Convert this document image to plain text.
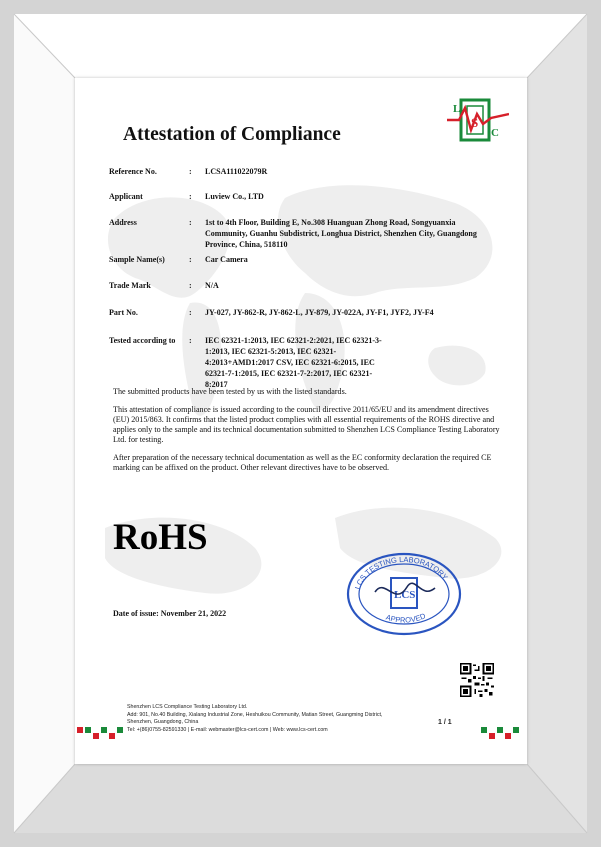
L
C
S
Attestation of Compliance
Reference No.	: LCSA111022079R
Applicant	: Luview Co., LTD
Address	: 1st to 4th Floor, Building E, No.308 Huanguan Zhong Road, Songyuanxia Community, Guanhu Subdistrict, Longhua District, Shenzhen City, Guangdong Province, China, 518110
Sample Name(s)	: Car Camera
Trade Mark	: N/A
Part No.	: JY-027, JY-862-R, JY-862-L, JY-879, JY-022A, JY-F1, JYF2, JY-F4
Tested according to	: IEC 62321-1:2013, IEC 62321-2:2021, IEC 62321-3-1:2013, IEC 62321-5:2013, IEC 62321-4:2013+AMD1:2017 CSV, IEC 62321-6:2015, IEC 62321-7-1:2015, IEC 62321-7-2:2017, IEC 62321-8:2017
The submitted products have been tested by us with the listed standards.
This attestation of compliance is issued according to the council directive 2011/65/EU and its amendment directives (EU) 2015/863. It confirms that the listed product complies with all essential requirements of the ROHS directive and applies only to the sample and its technical documentation submitted to Shenzhen LCS Compliance Testing Laboratory Ltd. for testing.
After preparation of the necessary technical documentation as well as the EC conformity declaration the required CE marking can be affixed on the product. Other relevant directives have to be observed.
RoHS
LCS TESTING LABORATORY
APPROVED
LCS
Date of issue: November 21, 2022
Shenzhen LCS Compliance Testing Laboratory Ltd.
Add: 901, No.40 Building, Xialang Industrial Zone, Heshuikou Community, Matian Street, Guangming District,
Shenzhen, Guangdong, China
Tel: +(86)0755-82591330 | E-mail: webmaster@lcs-cert.com | Web: www.lcs-cert.com
1 / 1
